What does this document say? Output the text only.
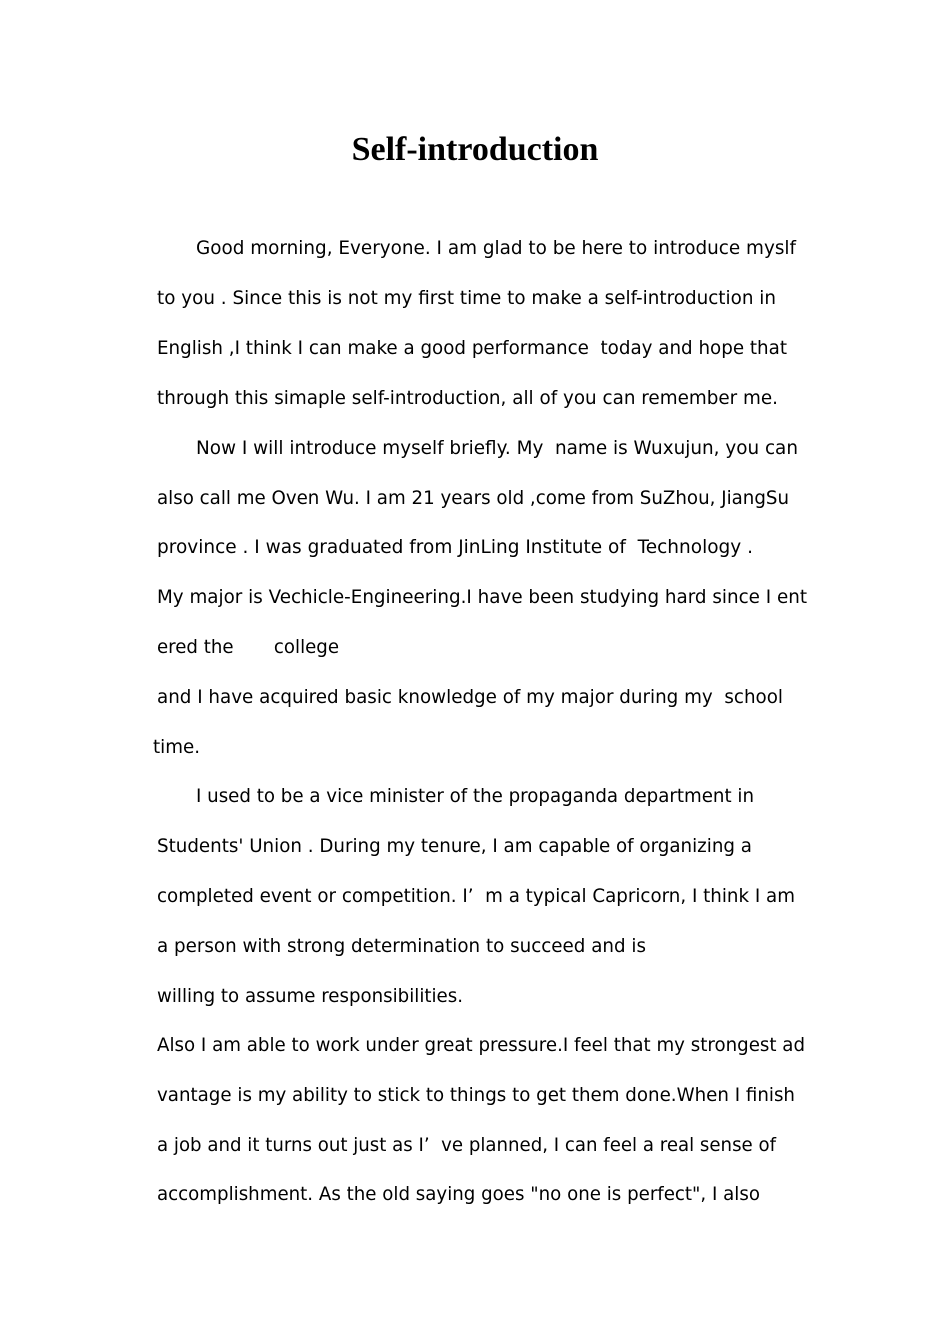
Self-introduction

Good morning, Everyone. I am glad to be here to introduce myslf

to you . Since this is not my first time to make a self-introduction in

English ,I think I can make a good performance  today and hope that

through this simaple self-introduction, all of you can remember me.

Now I will introduce myself briefly. My  name is Wuxujun, you can

also call me Oven Wu. I am 21 years old ,come from SuZhou, JiangSu

province . I was graduated from JinLing Institute of  Technology .

My major is Vechicle-Engineering.I have been studying hard since I ent

ered the       college

and I have acquired basic knowledge of my major during my  school

time.

I used to be a vice minister of the propaganda department in

Students' Union . During my tenure, I am capable of organizing a

completed event or competition. I’  m a typical Capricorn, I think I am

a person with strong determination to succeed and is

willing to assume responsibilities.

Also I am able to work under great pressure.I feel that my strongest ad

vantage is my ability to stick to things to get them done.When I finish

a job and it turns out just as I’  ve planned, I can feel a real sense of

accomplishment. As the old saying goes "no one is perfect", I also
